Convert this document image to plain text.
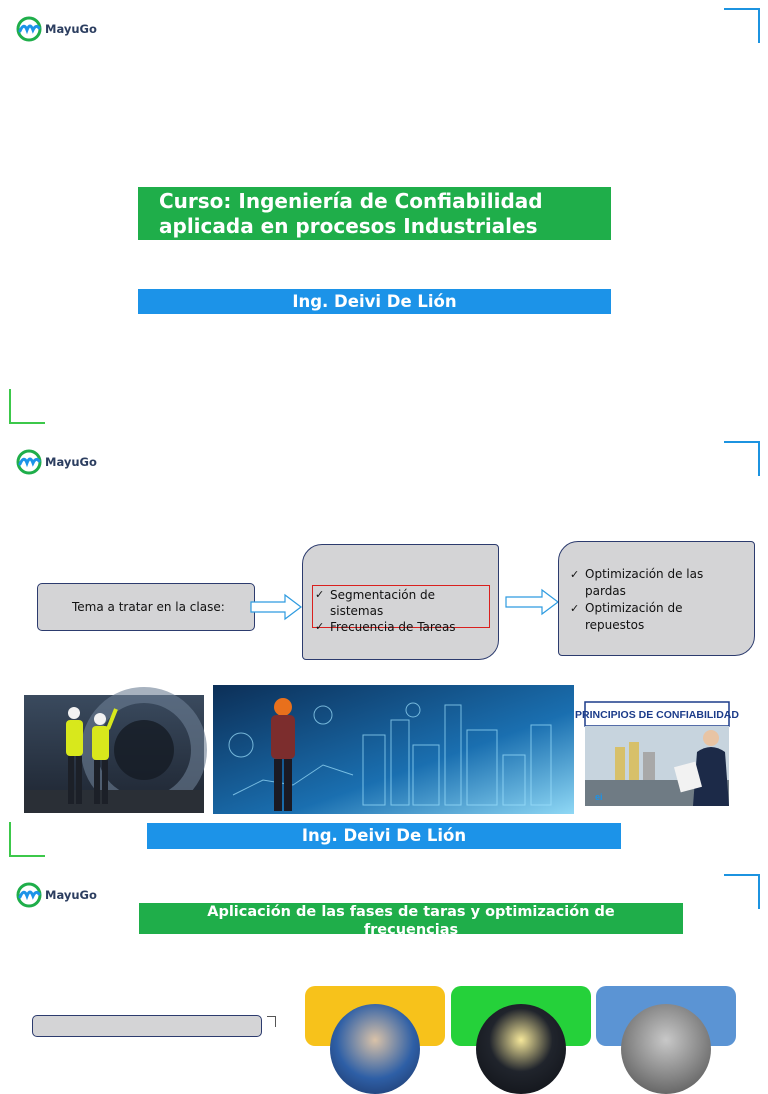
MayuGo
Curso: Ingeniería de Confiabilidad
aplicada en procesos Industriales
Ing. Deivi De Lión
MayuGo
Tema a tratar en la clase:
✓ Segmentación de sistemas
✓ Frecuencia de Tareas
✓ Optimización de las
pardas
✓ Optimización de
repuestos
PRINCIPIOS DE CONFIABILIDAD
ei
Ing. Deivi De Lión
MayuGo
Aplicación de las fases de taras y optimización de
frecuencias
